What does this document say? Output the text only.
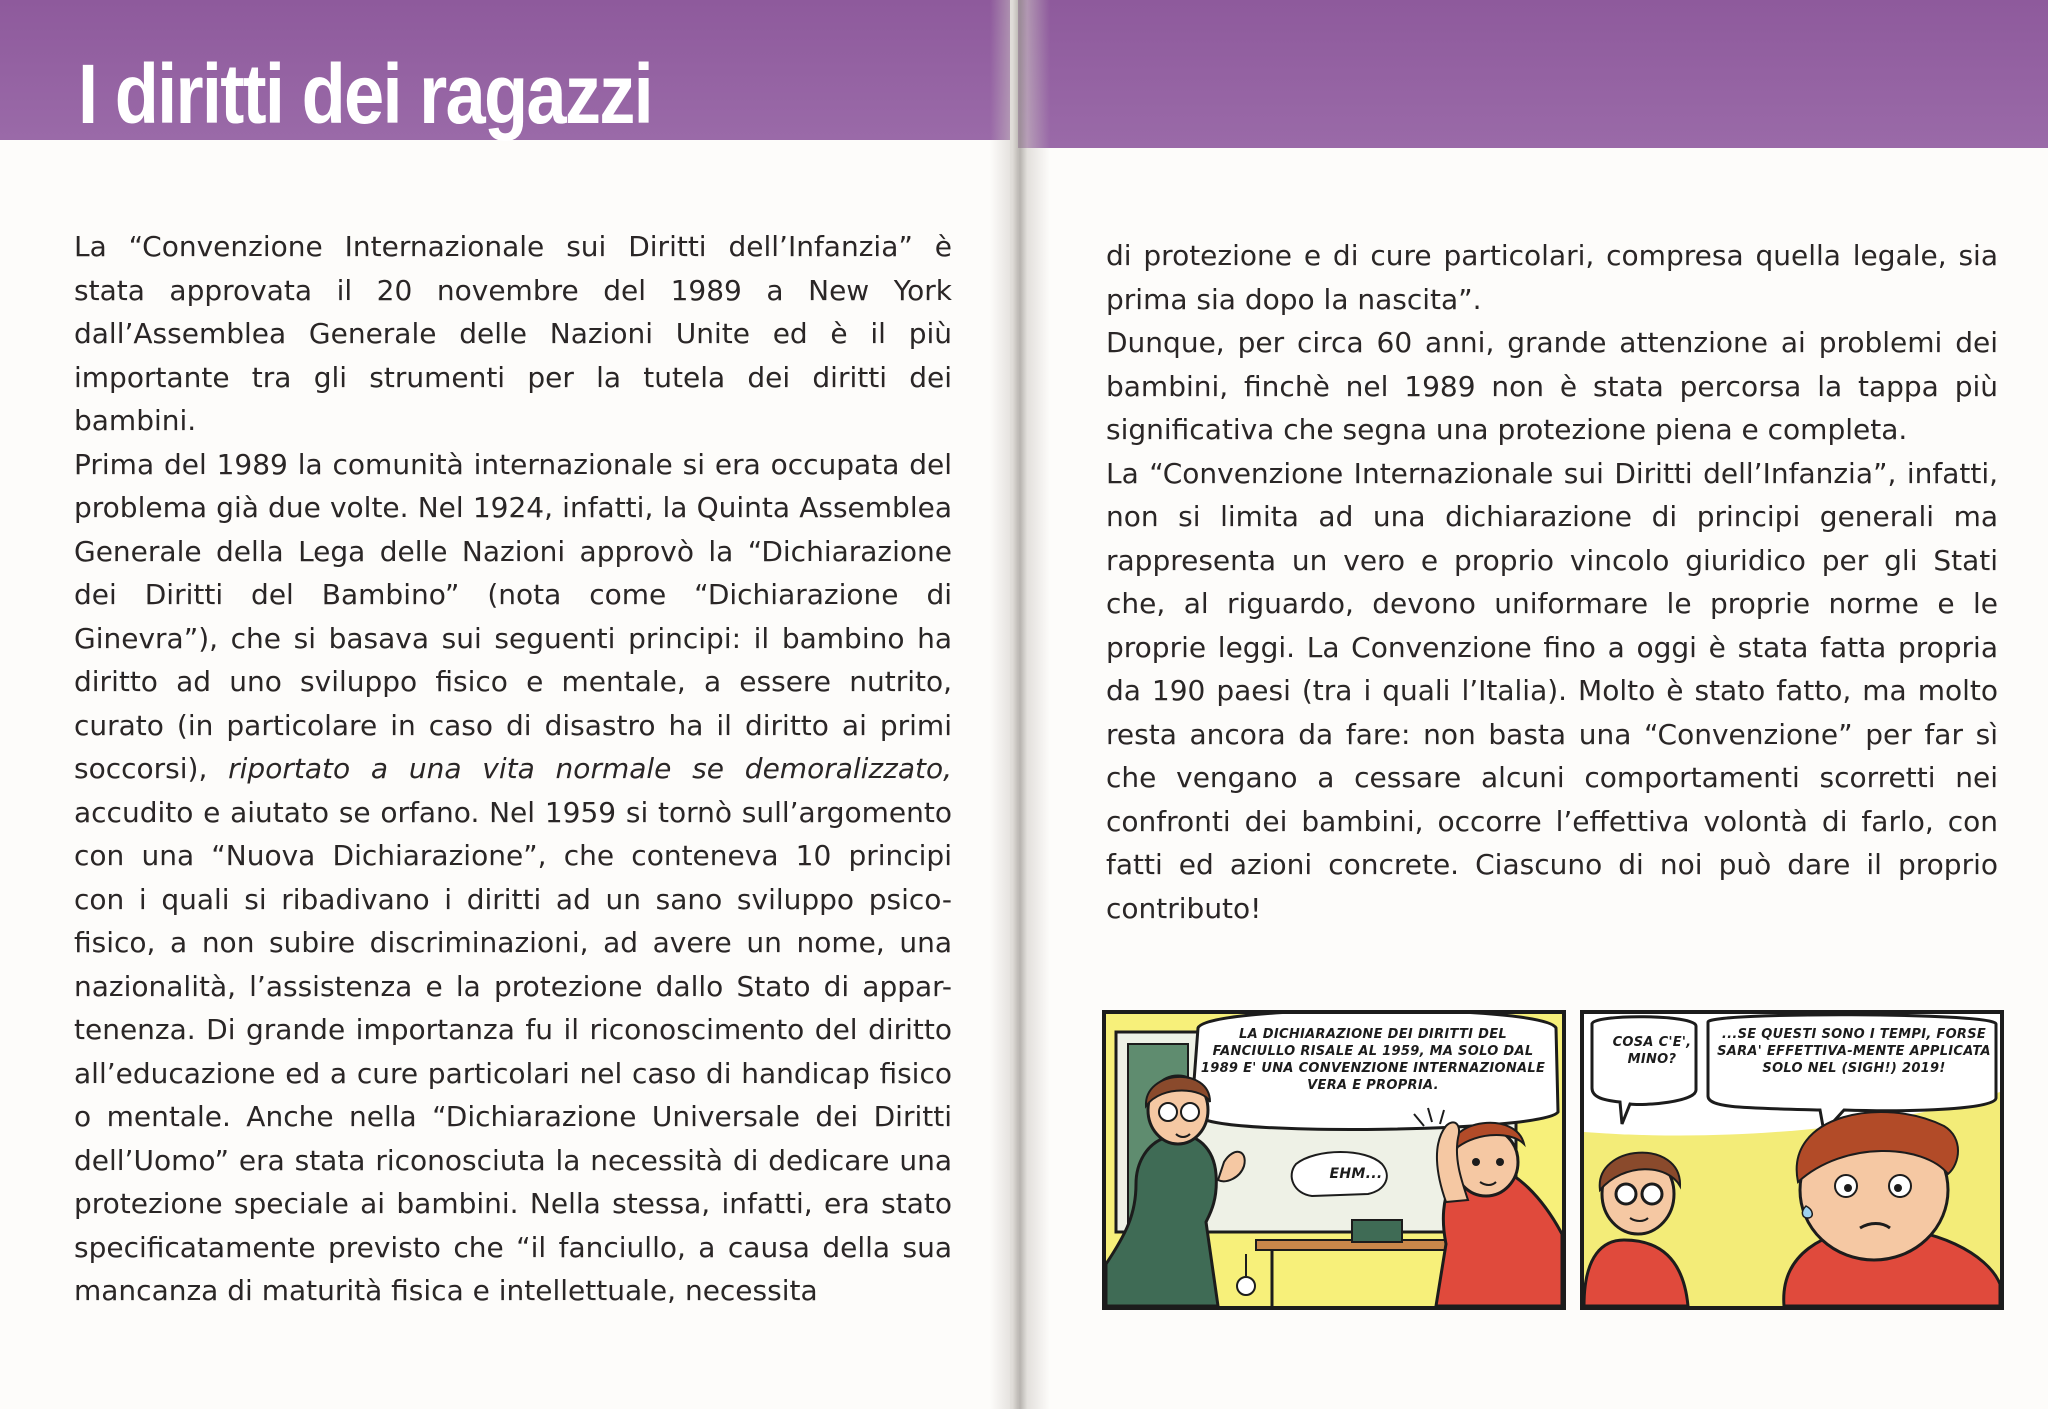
I diritti dei ragazzi

La “Convenzione Internazionale sui Diritti dell’Infanzia” è stata approvata il 20 novembre del 1989 a New York dall’Assemblea Generale delle Nazioni Unite ed è il più importante tra gli strumenti per la tutela dei diritti dei bambini.

Prima del 1989 la comunità internazionale si era occupata del problema già due volte. Nel 1924, infatti, la Quinta Assemblea Generale della Lega delle Nazioni approvò la “Dichiarazione dei Diritti del Bambino” (nota come “Dichiarazione di Ginevra”), che si basava sui seguenti principi: il bambino ha diritto ad uno sviluppo fisico e mentale, a essere nutrito, curato (in particolare in caso di disastro ha il diritto ai primi soccorsi), riportato a una vita normale se demoralizzato, accudito e aiutato se orfano. Nel 1959 si tornò sull’argomento con una “Nuova Dichiarazione”, che conteneva 10 principi con i quali si ribadivano i diritti ad un sano sviluppo psico-fisico, a non subire discriminazioni, ad avere un nome, una nazionalità, l’assistenza e la protezione dallo Stato di appar-tenenza. Di grande importanza fu il riconoscimento del diritto all’educazione ed a cure particolari nel caso di handicap fisico o mentale. Anche nella “Dichiarazione Universale dei Diritti dell’Uomo” era stata riconosciuta la necessità di dedicare una protezione speciale ai bambini. Nella stessa, infatti, era stato specificatamente previsto che “il fanciullo, a causa della sua mancanza di maturità fisica e intellettuale, necessita

di protezione e di cure particolari, compresa quella legale, sia prima sia dopo la nascita”.

Dunque, per circa 60 anni, grande attenzione ai problemi dei bambini, finchè nel 1989 non è stata percorsa la tappa più significativa che segna una protezione piena e completa.

La “Convenzione Internazionale sui Diritti dell’Infanzia”, infatti, non si limita ad una dichiarazione di principi generali ma rappresenta un vero e proprio vincolo giuridico per gli Stati che, al riguardo, devono uniformare le proprie norme e le proprie leggi. La Convenzione fino a oggi è stata fatta propria da 190 paesi (tra i quali l’Italia). Molto è stato fatto, ma molto resta ancora da fare: non basta una “Convenzione” per far sì che vengano a cessare alcuni comportamenti scorretti nei confronti dei bambini, occorre l’effettiva volontà di farlo, con fatti ed azioni concrete. Ciascuno di noi può dare il proprio contributo!

LA DICHIARAZIONE DEI DIRITTI DEL FANCIULLO RISALE AL 1959, MA SOLO DAL 1989 E' UNA CONVENZIONE INTERNAZIONALE VERA E PROPRIA.

EHM...

COSA C'E', MINO?

...SE QUESTI SONO I TEMPI, FORSE SARA' EFFETTIVA-MENTE APPLICATA SOLO NEL (SIGH!) 2019!
